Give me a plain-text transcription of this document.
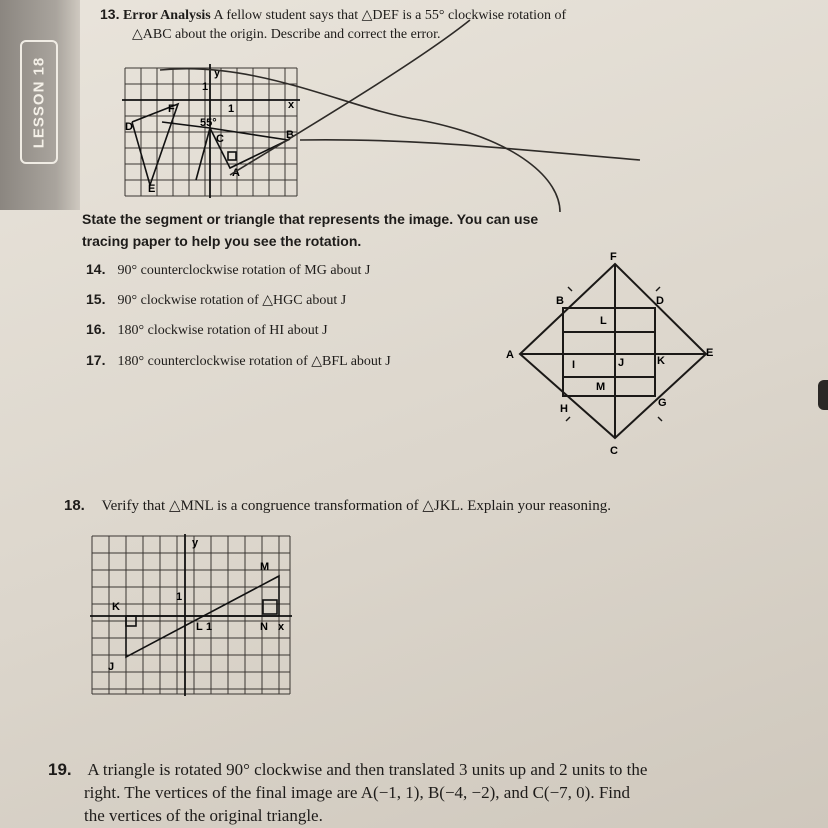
LESSON 18
13. Error Analysis A fellow student says that △DEF is a 55° clockwise rotation of
△ABC about the origin. Describe and correct the error.
y
x
1
1
55°
D
F
C	B
A
E
State the segment or triangle that represents the image. You can use
tracing paper to help you see the rotation.
14. 90° counterclockwise rotation of MG about J
15. 90° clockwise rotation of △HGC about J
16. 180° clockwise rotation of HI about J
17. 180° counterclockwise rotation of △BFL about J
F
B	D
L
A
I	J	K
E
M
H	G
C
18. Verify that △MNL is a congruence transformation of △JKL. Explain your reasoning.
y
M
1
K
L 1	N x
J
19. A triangle is rotated 90° clockwise and then translated 3 units up and 2 units to the
right. The vertices of the final image are A(−1, 1), B(−4, −2), and C(−7, 0). Find
the vertices of the original triangle.
